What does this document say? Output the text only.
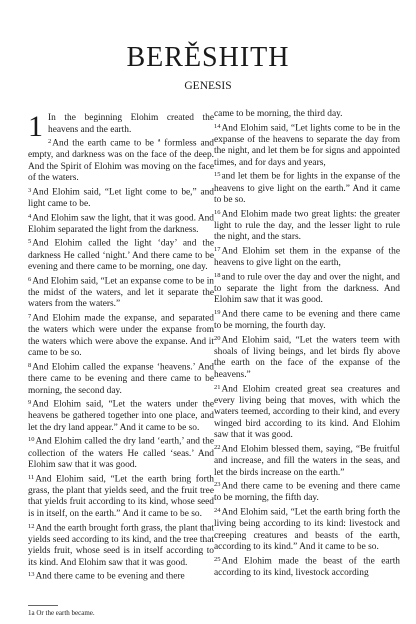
BERĚSHITH
GENESIS
1 In the beginning Elohim created the heavens and the earth.

$^2$And the earth came to be ª formless and empty, and darkness was on the face of the deep. And the Spirit of Elohim was moving on the face of the waters.

$^3$And Elohim said, “Let light come to be,” and light came to be.

$^4$And Elohim saw the light, that it was good. And Elohim separated the light from the darkness.

$^5$And Elohim called the light ‘day’ and the darkness He called ‘night.’ And there came to be evening and there came to be morning, one day.

$^6$And Elohim said, “Let an expanse come to be in the midst of the waters, and let it separate the waters from the waters.”

$^7$And Elohim made the expanse, and separated the waters which were under the expanse from the waters which were above the expanse. And it came to be so.

$^8$And Elohim called the expanse ‘heavens.’ And there came to be evening and there came to be morning, the second day.

$^9$And Elohim said, “Let the waters under the heavens be gathered together into one place, and let the dry land appear.” And it came to be so.

$^{10}$And Elohim called the dry land ‘earth,’ and the collection of the waters He called ‘seas.’ And Elohim saw that it was good.

$^{11}$And Elohim said, “Let the earth bring forth grass, the plant that yields seed, and the fruit tree that yields fruit according to its kind, whose seed is in itself, on the earth.” And it came to be so.

$^{12}$And the earth brought forth grass, the plant that yields seed according to its kind, and the tree that yields fruit, whose seed is in itself according to its kind. And Elohim saw that it was good.

$^{13}$And there came to be evening and there

came to be morning, the third day.

$^{14}$And Elohim said, “Let lights come to be in the expanse of the heavens to separate the day from the night, and let them be for signs and appointed times, and for days and years,

$^{15}$and let them be for lights in the expanse of the heavens to give light on the earth.” And it came to be so.

$^{16}$And Elohim made two great lights: the greater light to rule the day, and the lesser light to rule the night, and the stars.

$^{17}$And Elohim set them in the expanse of the heavens to give light on the earth,

$^{18}$and to rule over the day and over the night, and to separate the light from the darkness. And Elohim saw that it was good.

$^{19}$And there came to be evening and there came to be morning, the fourth day.

$^{20}$And Elohim said, “Let the waters teem with shoals of living beings, and let birds fly above the earth on the face of the expanse of the heavens.”

$^{21}$And Elohim created great sea creatures and every living being that moves, with which the waters teemed, according to their kind, and every winged bird according to its kind. And Elohim saw that it was good.

$^{22}$And Elohim blessed them, saying, “Be fruitful and increase, and fill the waters in the seas, and let the birds increase on the earth.”

$^{23}$And there came to be evening and there came to be morning, the fifth day.

$^{24}$And Elohim said, “Let the earth bring forth the living being according to its kind: livestock and creeping creatures and beasts of the earth, according to its kind.” And it came to be so.

$^{25}$And Elohim made the beast of the earth according to its kind, livestock according

1a Or the earth became.
